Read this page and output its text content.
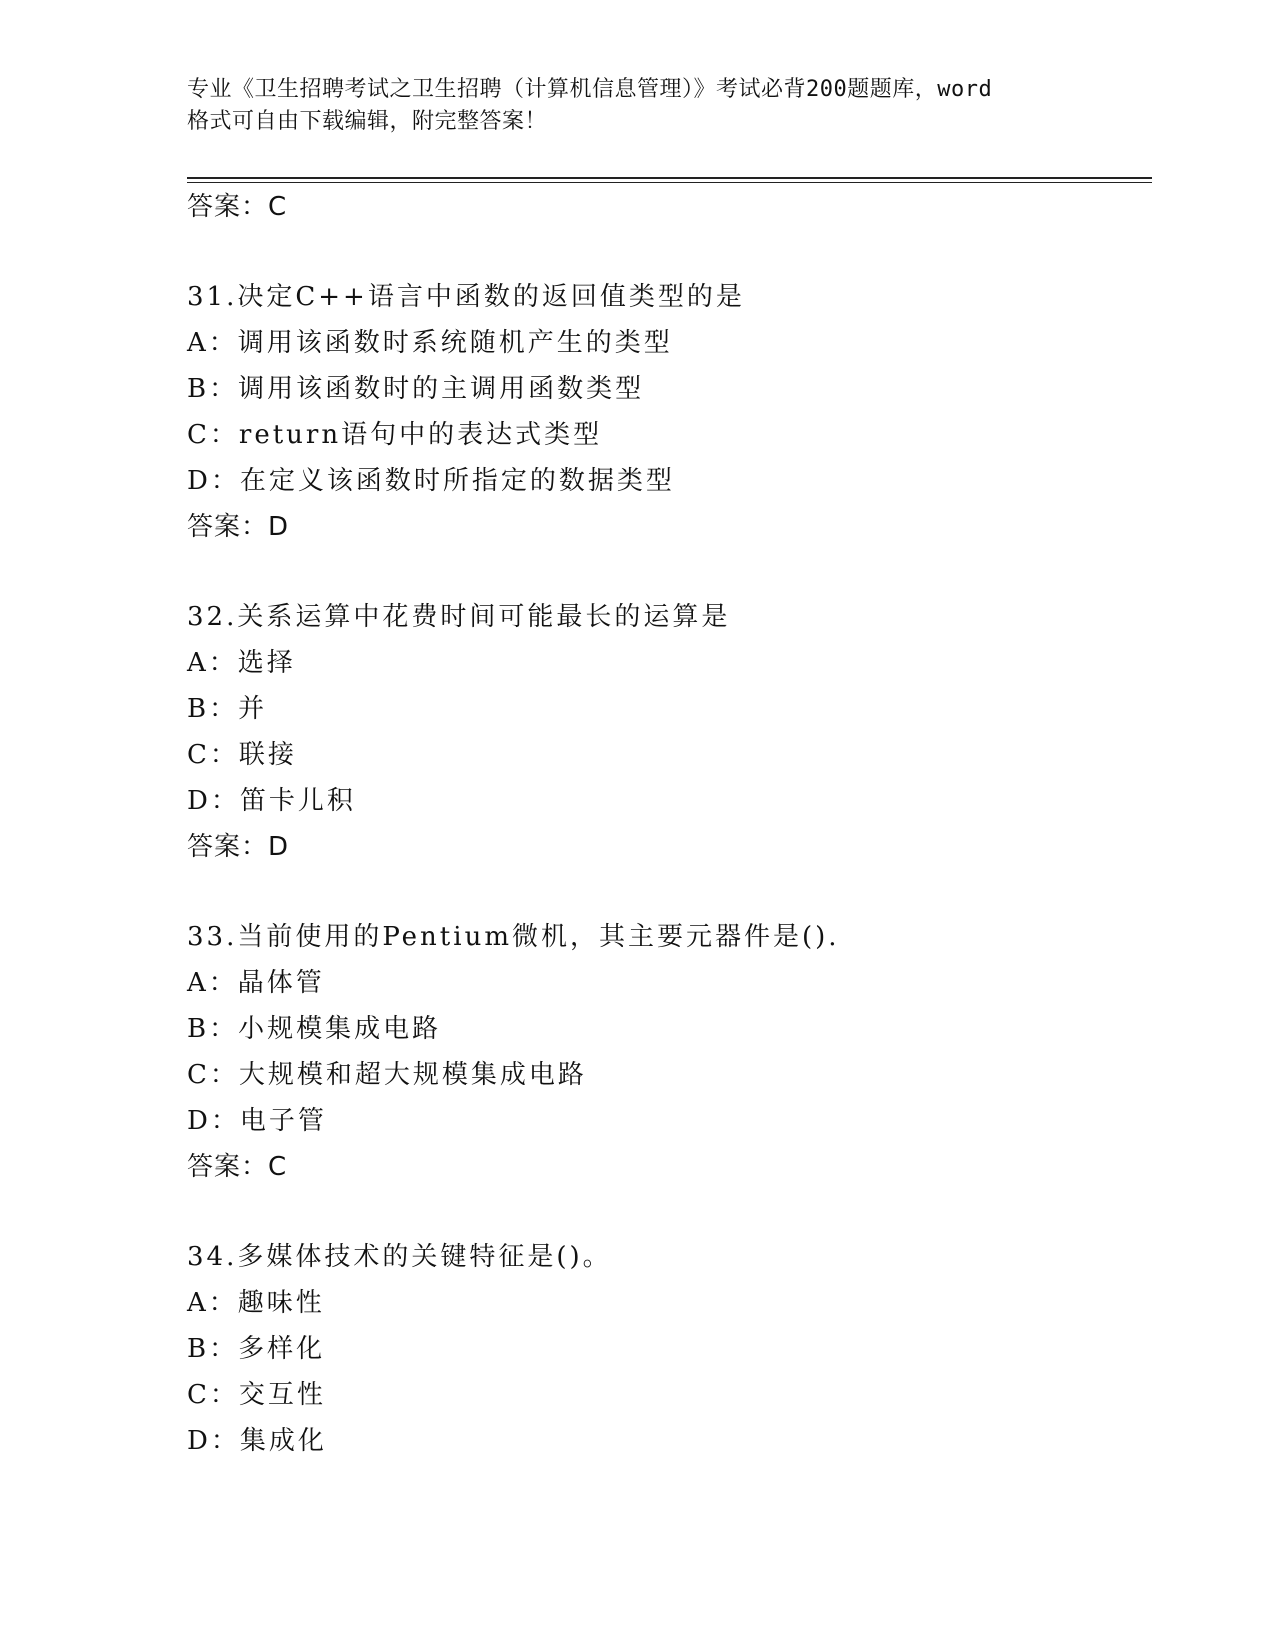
专业《卫生招聘考试之卫生招聘（计算机信息管理）》考试必背200题题库，word
格式可自由下载编辑，附完整答案！
答案：C
31.决定C++语言中函数的返回值类型的是
A：调用该函数时系统随机产生的类型
B：调用该函数时的主调用函数类型
C：return语句中的表达式类型
D：在定义该函数时所指定的数据类型
答案：D
32.关系运算中花费时间可能最长的运算是
A：选择
B：并
C：联接
D：笛卡儿积
答案：D
33.当前使用的Pentium微机，其主要元器件是().
A：晶体管
B：小规模集成电路
C：大规模和超大规模集成电路
D：电子管
答案：C
34.多媒体技术的关键特征是()。
A：趣味性
B：多样化
C：交互性
D：集成化
